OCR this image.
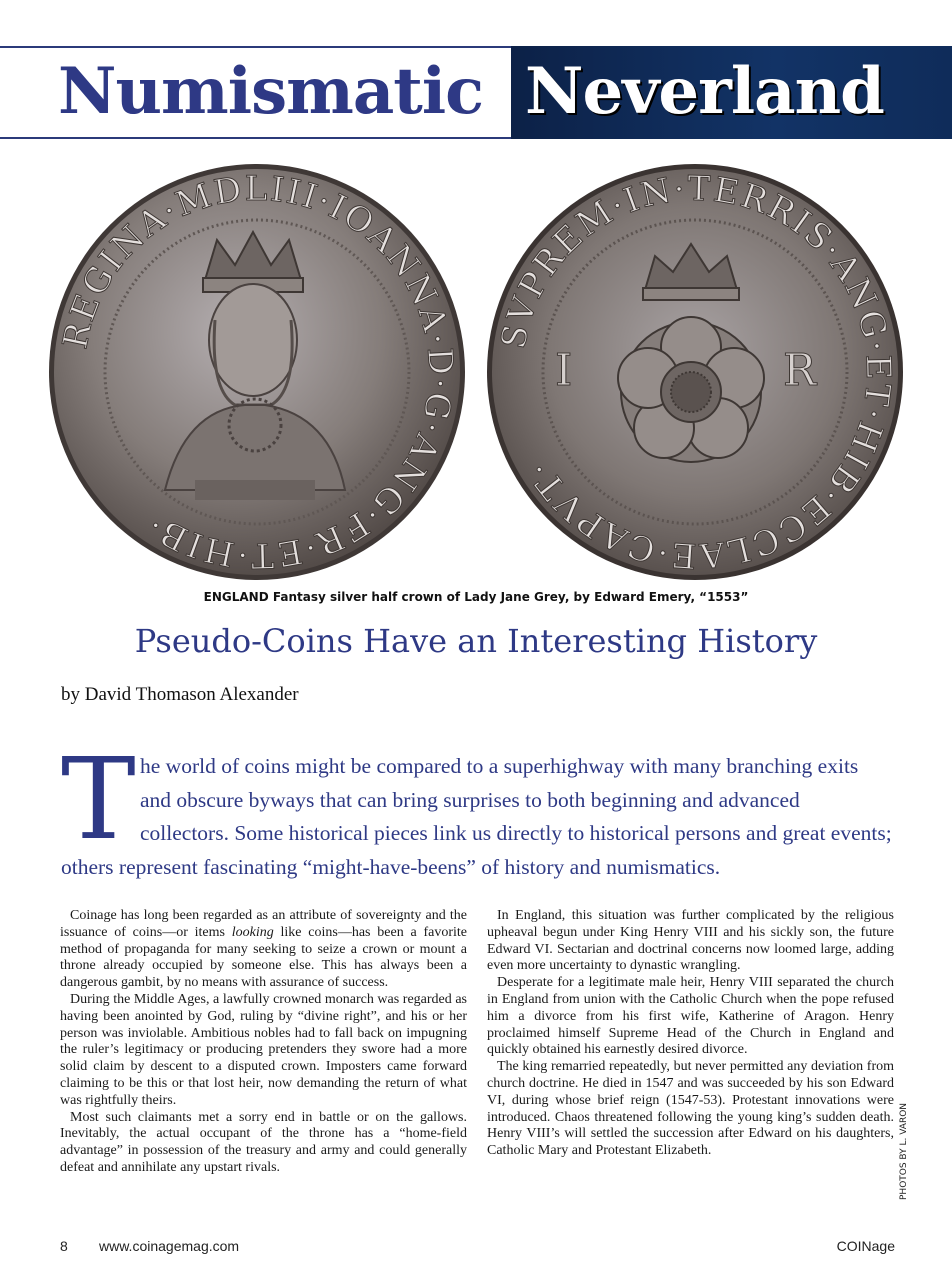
Numismatic Neverland
REGINA·MDLIII·IOANNA·D·G·ANG·FR·ET·HIB·
SVPREM·IN·TERRIS·ANG·ET·HIB·ECCLAE·CAPVT·
I	R
ENGLAND Fantasy silver half crown of Lady Jane Grey, by Edward Emery, “1553”
Pseudo-Coins Have an Interesting History
by David Thomason Alexander
T he world of coins might be compared to a superhighway with many branching exits and obscure byways that can bring surprises to both beginning and advanced collectors. Some historical pieces link us directly to historical persons and great events; others represent fascinating “might-have-beens” of history and numismatics.

Coinage has long been regarded as an attribute of sovereignty and the issuance of coins—or items looking like coins—has been a favorite method of propaganda for many seeking to seize a crown or mount a throne already occupied by someone else. This has always been a dangerous gambit, by no means with assurance of success.

During the Middle Ages, a lawfully crowned monarch was regarded as having been anointed by God, ruling by “divine right”, and his or her person was inviolable. Ambitious nobles had to fall back on impugning the ruler’s legitimacy or producing pretenders they swore had a more solid claim by descent to a disputed crown. Imposters came forward claiming to be this or that lost heir, now demanding the return of what was rightfully theirs.

Most such claimants met a sorry end in battle or on the gallows. Inevitably, the actual occupant of the throne has a “home-field advantage” in possession of the treasury and army and could generally defeat and annihilate any upstart rivals.

In England, this situation was further complicated by the religious upheaval begun under King Henry VIII and his sickly son, the future Edward VI. Sectarian and doctrinal concerns now loomed large, adding even more uncertainty to dynastic wrangling.

Desperate for a legitimate male heir, Henry VIII separated the church in England from union with the Catholic Church when the pope refused him a divorce from his first wife, Katherine of Aragon. Henry proclaimed himself Supreme Head of the Church in England and quickly obtained his earnestly desired divorce.

The king remarried repeatedly, but never permitted any deviation from church doctrine. He died in 1547 and was succeeded by his son Edward VI, during whose brief reign (1547-53). Protestant innovations were introduced. Chaos threatened following the young king’s sudden death. Henry VIII’s will settled the succession after Edward on his daughters, Catholic Mary and Protestant Elizabeth.	PHOTOS BY L. VARON
8 www.coinagemag.com	COINage
